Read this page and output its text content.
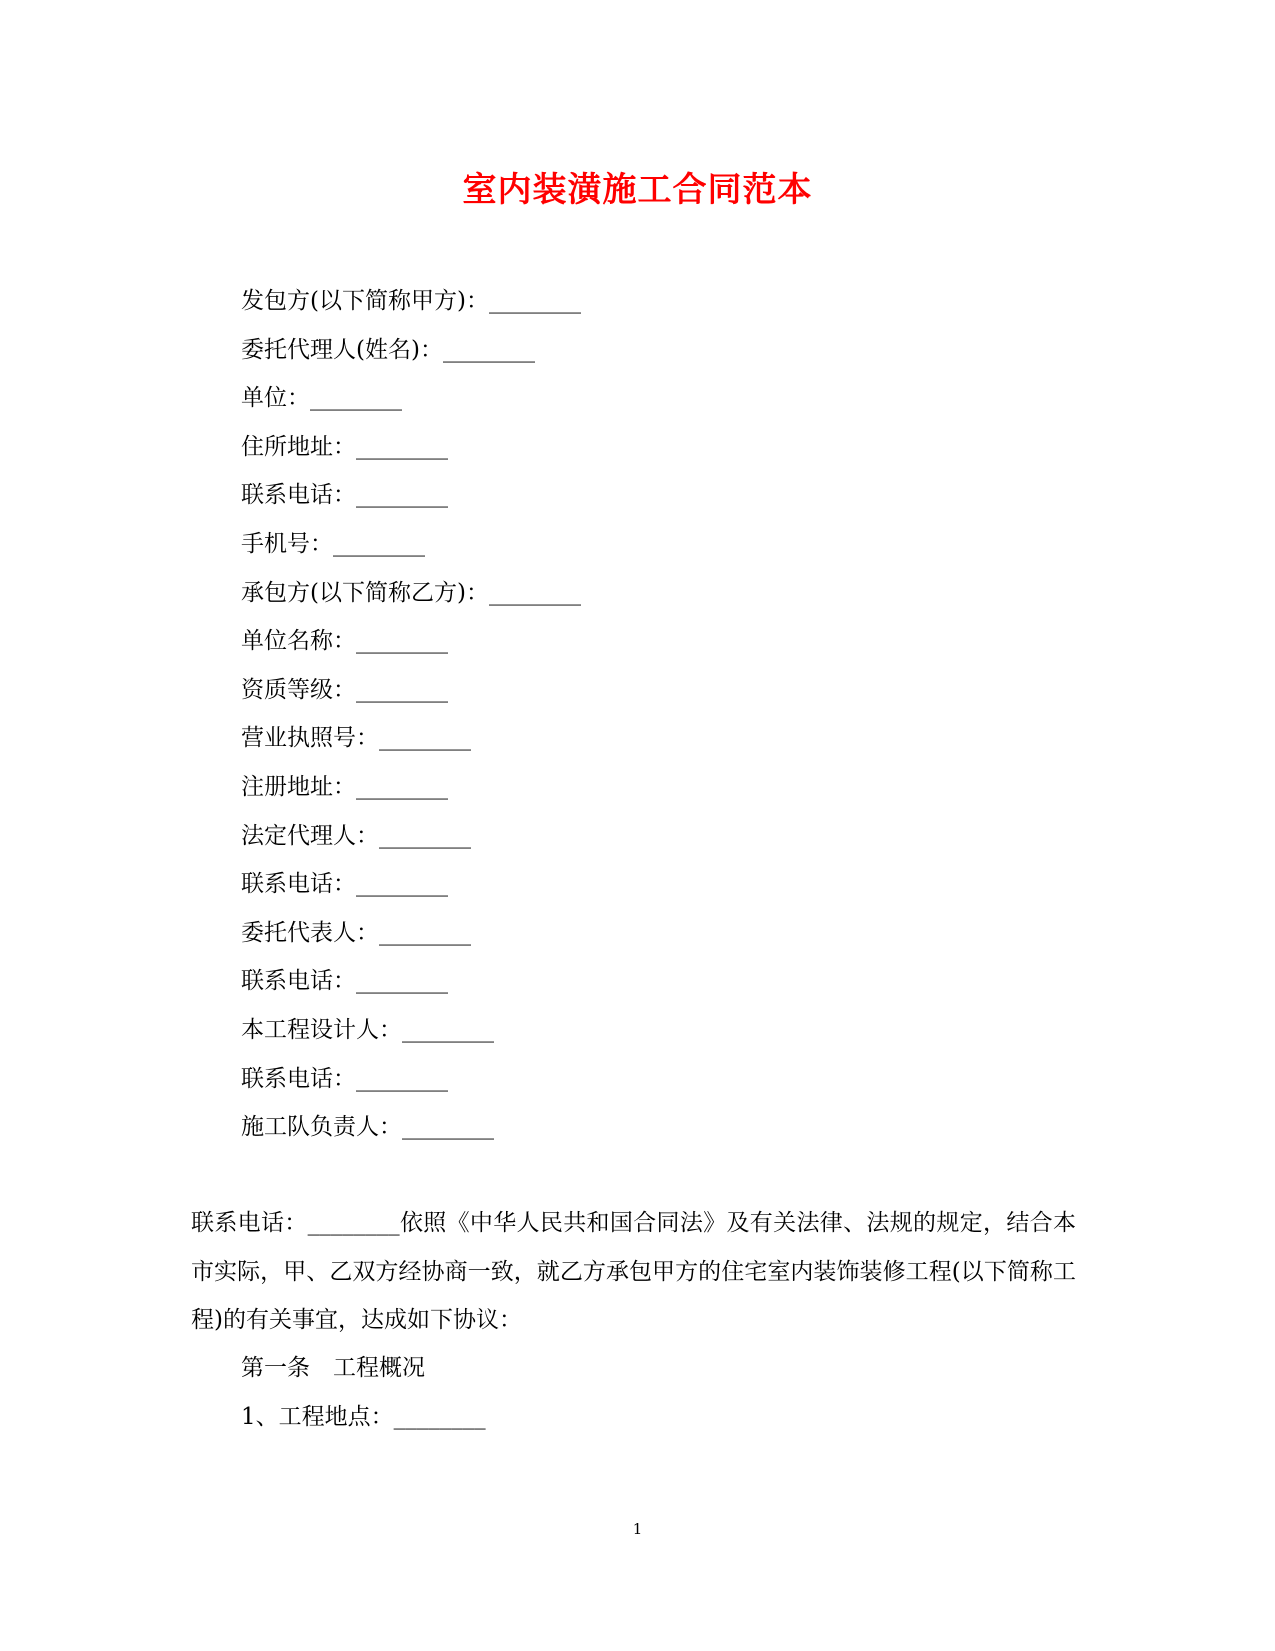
室内装潢施工合同范本
发包方(以下简称甲方)：________
委托代理人(姓名)：________
单位：________
住所地址：________
联系电话：________
手机号：________
承包方(以下简称乙方)：________
单位名称：________
资质等级：________
营业执照号：________
注册地址：________
法定代理人：________
联系电话：________
委托代表人：________
联系电话：________
本工程设计人：________
联系电话：________
施工队负责人：________
联系电话：________依照《中华人民共和国合同法》及有关法律、法规的规定，结合本市实际，甲、乙双方经协商一致，就乙方承包甲方的住宅室内装饰装修工程(以下简称工程)的有关事宜，达成如下协议：
第一条　工程概况
1、工程地点：________
1
